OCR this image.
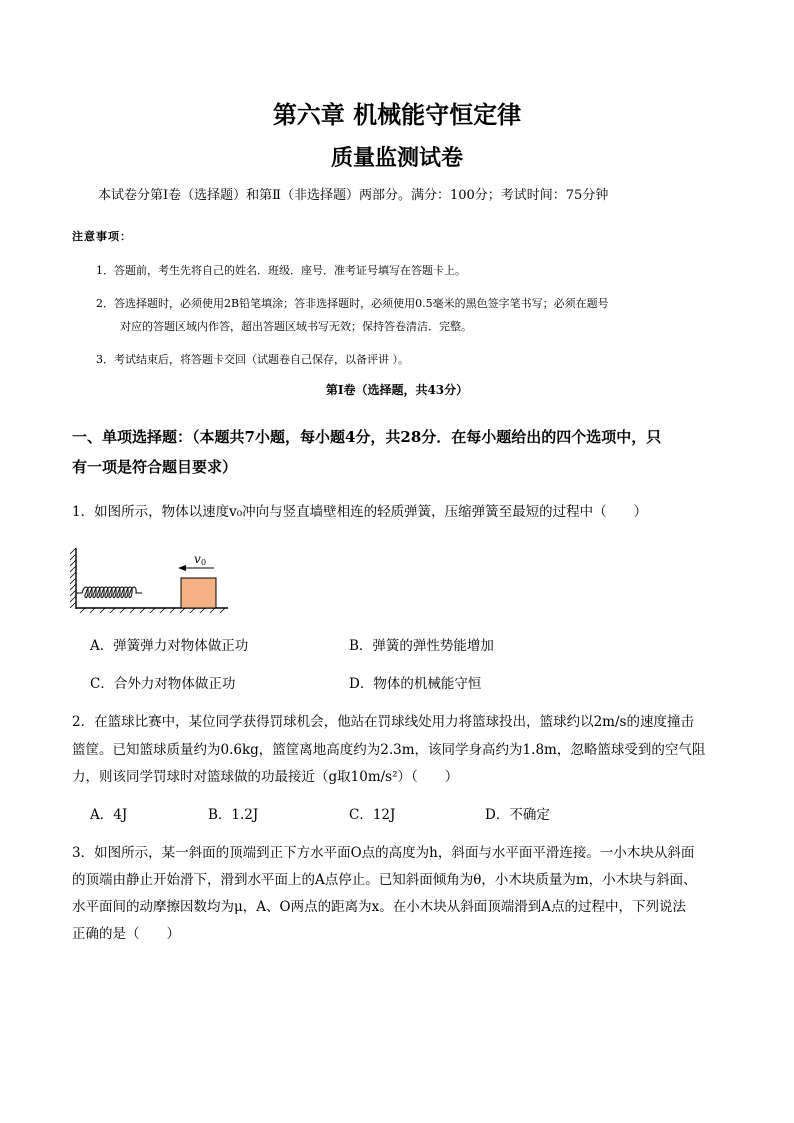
第六章 机械能守恒定律
质量监测试卷
本试卷分第Ⅰ卷（选择题）和第Ⅱ（非选择题）两部分。满分：100分；考试时间：75分钟
注意事项：
1．答题前，考生先将自己的姓名．班级．座号．准考证号填写在答题卡上。
2．答选择题时，必须使用2B铅笔填涂；答非选择题时，必须使用0.5毫米的黑色签字笔书写；必须在题号
对应的答题区域内作答，超出答题区域书写无效；保持答卷清洁．完整。
3．考试结束后，将答题卡交回（试题卷自己保存，以备评讲 ）。
第Ⅰ卷（选择题，共43分）
一、单项选择题：（本题共7小题，每小题4分，共28分．在每小题给出的四个选项中，只
有一项是符合题目要求）
1．如图所示，物体以速度v₀冲向与竖直墙壁相连的轻质弹簧，压缩弹簧至最短的过程中（　　）
v 0
A．弹簧弹力对物体做正功	B．弹簧的弹性势能增加
C．合外力对物体做正功	D．物体的机械能守恒
2．在篮球比赛中，某位同学获得罚球机会，他站在罚球线处用力将篮球投出，篮球约以2m/s的速度撞击
篮筐。已知篮球质量约为0.6kg，篮筐离地高度约为2.3m，该同学身高约为1.8m，忽略篮球受到的空气阻
力，则该同学罚球时对篮球做的功最接近（g取10m/s²）（　　）
A．4J	B．1.2J	C．12J	D．不确定
3．如图所示，某一斜面的顶端到正下方水平面O点的高度为h，斜面与水平面平滑连接。一小木块从斜面
的顶端由静止开始滑下，滑到水平面上的A点停止。已知斜面倾角为θ，小木块质量为m，小木块与斜面、
水平面间的动摩擦因数均为μ，A、O两点的距离为x。在小木块从斜面顶端滑到A点的过程中，下列说法
正确的是（　　）
